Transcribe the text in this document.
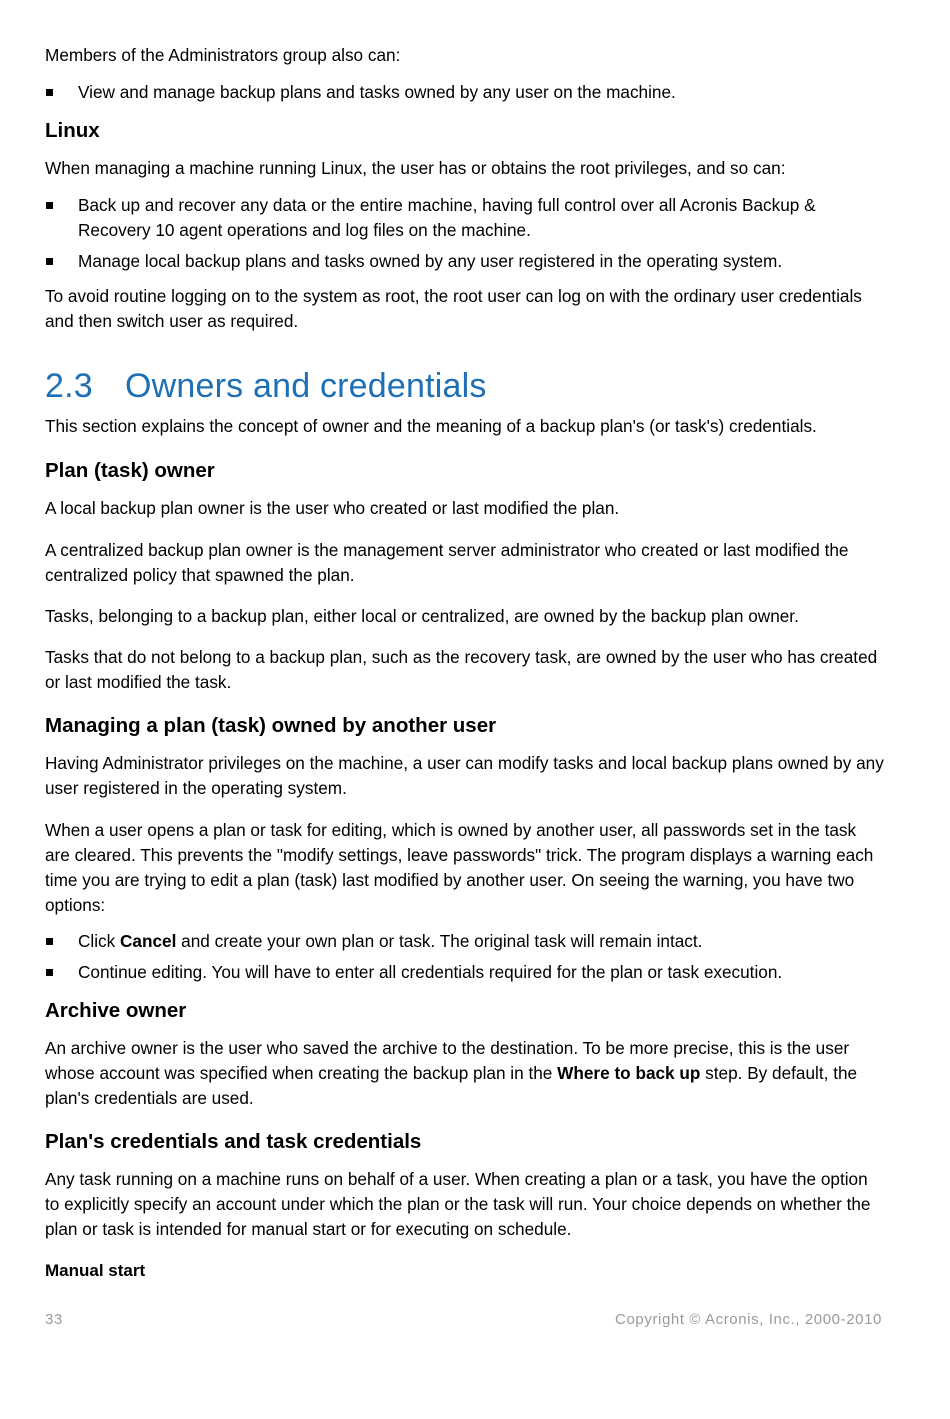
Members of the Administrators group also can:

View and manage backup plans and tasks owned by any user on the machine.
Linux

When managing a machine running Linux, the user has or obtains the root privileges, and so can:

Back up and recover any data or the entire machine, having full control over all Acronis Backup & Recovery 10 agent operations and log files on the machine.
Manage local backup plans and tasks owned by any user registered in the operating system.

To avoid routine logging on to the system as root, the root user can log on with the ordinary user credentials and then switch user as required.

2.3 Owners and credentials

This section explains the concept of owner and the meaning of a backup plan's (or task's) credentials.

Plan (task) owner

A local backup plan owner is the user who created or last modified the plan.

A centralized backup plan owner is the management server administrator who created or last modified the centralized policy that spawned the plan.

Tasks, belonging to a backup plan, either local or centralized, are owned by the backup plan owner.

Tasks that do not belong to a backup plan, such as the recovery task, are owned by the user who has created or last modified the task.

Managing a plan (task) owned by another user

Having Administrator privileges on the machine, a user can modify tasks and local backup plans owned by any user registered in the operating system.

When a user opens a plan or task for editing, which is owned by another user, all passwords set in the task are cleared. This prevents the "modify settings, leave passwords" trick. The program displays a warning each time you are trying to edit a plan (task) last modified by another user. On seeing the warning, you have two options:

Click Cancel and create your own plan or task. The original task will remain intact.
Continue editing. You will have to enter all credentials required for the plan or task execution.
Archive owner

An archive owner is the user who saved the archive to the destination. To be more precise, this is the user whose account was specified when creating the backup plan in the Where to back up step. By default, the plan's credentials are used.

Plan's credentials and task credentials

Any task running on a machine runs on behalf of a user. When creating a plan or a task, you have the option to explicitly specify an account under which the plan or the task will run. Your choice depends on whether the plan or task is intended for manual start or for executing on schedule.

Manual start
33	Copyright © Acronis, Inc., 2000-2010
